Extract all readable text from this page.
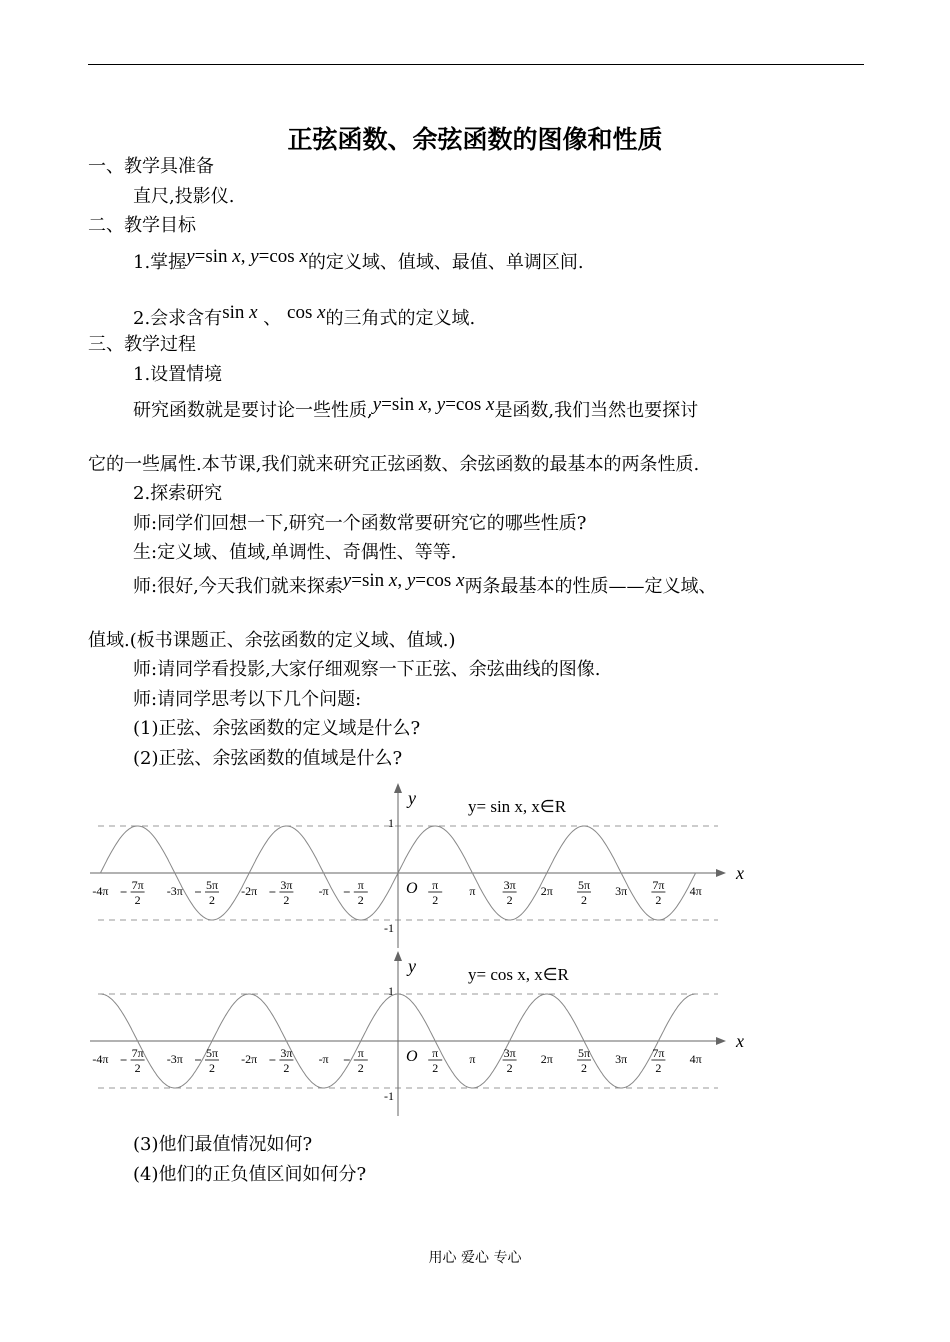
正弦函数、余弦函数的图像和性质
一、教学具准备
直尺,投影仪.
二、教学目标
1.掌握y=sin x, y=cos x的定义域、值域、最值、单调区间.
2.会求含有sin x 、 cos x的三角式的定义域.
三、教学过程
1.设置情境
研究函数就是要讨论一些性质,y=sin x, y=cos x是函数,我们当然也要探讨
它的一些属性.本节课,我们就来研究正弦函数、余弦函数的最基本的两条性质.
2.探索研究
师:同学们回想一下,研究一个函数常要研究它的哪些性质?
生:定义域、值域,单调性、奇偶性、等等.
师:很好,今天我们就来探索y=sin x, y=cos x两条最基本的性质——定义域、
值域.(板书课题正、余弦函数的定义域、值域.)
师:请同学看投影,大家仔细观察一下正弦、余弦曲线的图像.
师:请同学思考以下几个问题:
(1)正弦、余弦函数的定义域是什么?
(2)正弦、余弦函数的值域是什么?
x
y
O
1
-1
y= sin x, x∈R
-4π 7π
2
-3π 5π
2
-2π 3π
2
-π π
2
π
2
π 3π
2
2π 5π
2
3π 7π
2
4π
x
y
O
1
-1
y= cos x, x∈R
-4π 7π
2
-3π 5π
2
-2π 3π
2
-π π
2
π
2
π 3π
2
2π 5π
2
3π 7π
2
4π
(3)他们最值情况如何?
(4)他们的正负值区间如何分?
用心 爱心 专心
